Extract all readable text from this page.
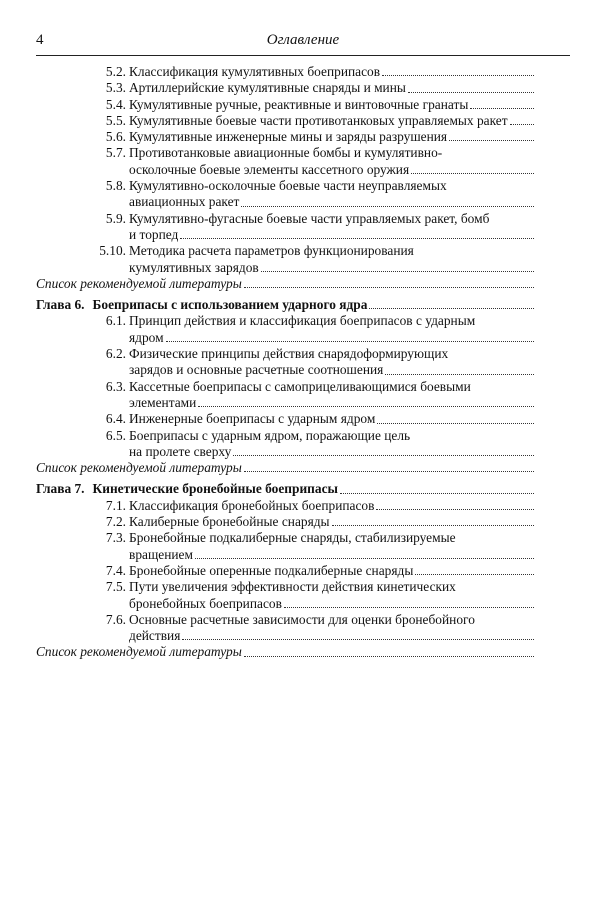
4	Оглавление
5.2. Классификация кумулятивных боеприпасов
5.3. Артиллерийские кумулятивные снаряды и мины
5.4. Кумулятивные ручные, реактивные и винтовочные гранаты
5.5. Кумулятивные боевые части противотанковых управляемых ракет
5.6. Кумулятивные инженерные мины и заряды разрушения
5.7. Противотанковые авиационные бомбы и кумулятивно-
осколочные боевые элементы кассетного оружия
5.8. Кумулятивно-осколочные боевые части неуправляемых
авиационных ракет
5.9. Кумулятивно-фугасные боевые части управляемых ракет, бомб
и торпед
5.10. Методика расчета параметров функционирования
кумулятивных зарядов
Список рекомендуемой литературы
Глава 6. Боеприпасы с использованием ударного ядра
6.1. Принцип действия и классификация боеприпасов с ударным
ядром
6.2. Физические принципы действия снарядоформирующих
зарядов и основные расчетные соотношения
6.3. Кассетные боеприпасы с самоприцеливающимися боевыми
элементами
6.4. Инженерные боеприпасы с ударным ядром
6.5. Боеприпасы с ударным ядром, поражающие цель
на пролете сверху
Список рекомендуемой литературы
Глава 7. Кинетические бронебойные боеприпасы
7.1. Классификация бронебойных боеприпасов
7.2. Калиберные бронебойные снаряды
7.3. Бронебойные подкалиберные снаряды, стабилизируемые
вращением
7.4. Бронебойные оперенные подкалиберные снаряды
7.5. Пути увеличения эффективности действия кинетических
бронебойных боеприпасов
7.6. Основные расчетные зависимости для оценки бронебойного
действия
Список рекомендуемой литературы
